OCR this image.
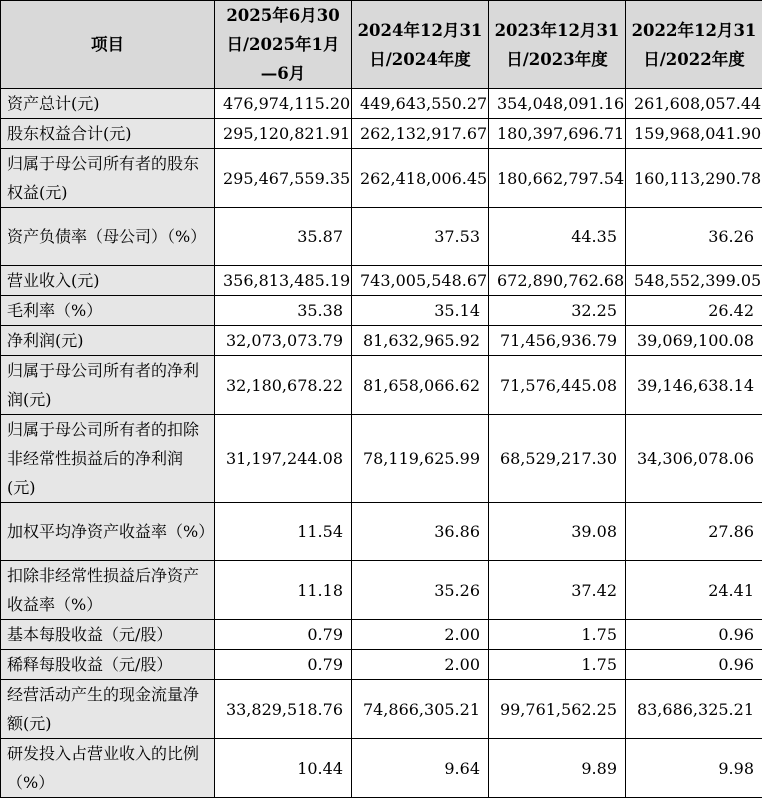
项目	2025年6月30日/2025年1月—6月	2024年12月31日/2024年度	2023年12月31日/2023年度	2022年12月31日/2022年度
资产总计(元)	476,974,115.20	449,643,550.27	354,048,091.16	261,608,057.44
股东权益合计(元)	295,120,821.91	262,132,917.67	180,397,696.71	159,968,041.90
归属于母公司所有者的股东权益(元)	295,467,559.35	262,418,006.45	180,662,797.54	160,113,290.78
资产负债率（母公司）（%）	35.87	37.53	44.35	36.26
营业收入(元)	356,813,485.19	743,005,548.67	672,890,762.68	548,552,399.05
毛利率（%）	35.38	35.14	32.25	26.42
净利润(元)	32,073,073.79	81,632,965.92	71,456,936.79	39,069,100.08
归属于母公司所有者的净利润(元)	32,180,678.22	81,658,066.62	71,576,445.08	39,146,638.14
归属于母公司所有者的扣除非经常性损益后的净利润(元)	31,197,244.08	78,119,625.99	68,529,217.30	34,306,078.06
加权平均净资产收益率（%）	11.54	36.86	39.08	27.86
扣除非经常性损益后净资产收益率（%）	11.18	35.26	37.42	24.41
基本每股收益（元/股）	0.79	2.00	1.75	0.96
稀释每股收益（元/股）	0.79	2.00	1.75	0.96
经营活动产生的现金流量净额(元)	33,829,518.76	74,866,305.21	99,761,562.25	83,686,325.21
研发投入占营业收入的比例（%）	10.44	9.64	9.89	9.98
